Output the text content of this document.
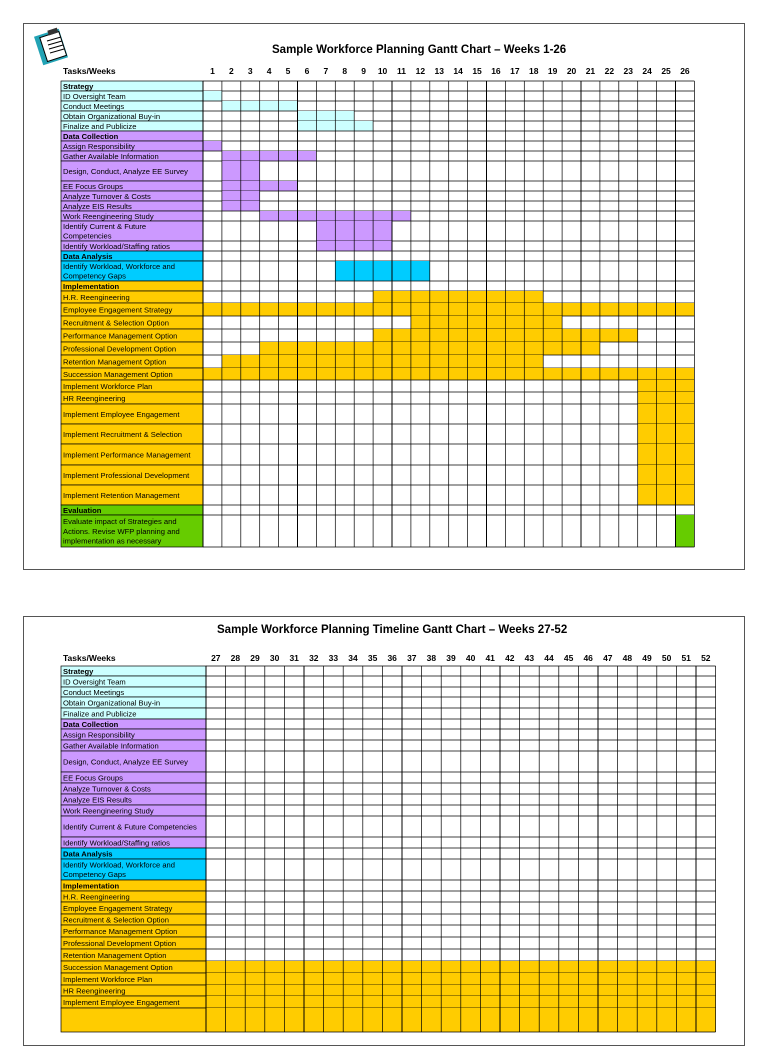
Sample Workforce Planning Gantt Chart – Weeks 1-26
Sample Workforce Planning Timeline Gantt Chart – Weeks 27-52
Tasks/Weeks	1 2 3 4 5 6 7 8 9 10 11 12 13 14 15 16 17 18 19 20 21 22 23 24 25 26
Strategy
ID Oversight Team
Conduct Meetings
Obtain Organizational Buy-in
Finalize and Publicize
Data Collection
Assign Responsibility
Gather Available Information
Design, Conduct, Analyze EE Survey
EE Focus Groups
Analyze Turnover & Costs
Analyze EIS Results
Work Reengineering Study
Identify Current & Future Competencies
Identify Workload/Staffing ratios
Data Analysis
Identify Workload, Workforce and Competency Gaps
Implementation
H.R. Reengineering
Employee Engagement Strategy
Recruitment & Selection Option
Performance Management Option
Professional Development Option
Retention Management Option
Succession Management Option
Implement Workforce Plan
HR Reengineering
Implement Employee Engagement
Implement Recruitment & Selection
Implement Performance Management
Implement Professional Development
Implement Retention Management
Evaluation
Evaluate impact of Strategies and Actions. Revise WFP planning and implementation as necessary
Tasks/Weeks	27 28 29 30 31 32 33 34 35 36 37 38 39 40 41 42 43 44 45 46 47 48 49 50 51 52
Strategy
ID Oversight Team
Conduct Meetings
Obtain Organizational Buy-in
Finalize and Publicize
Data Collection
Assign Responsibility
Gather Available Information
Design, Conduct, Analyze EE Survey
EE Focus Groups
Analyze Turnover & Costs
Analyze EIS Results
Work Reengineering Study
Identify Current & Future Competencies
Identify Workload/Staffing ratios
Data Analysis
Identify Workload, Workforce and Competency Gaps
Implementation
H.R. Reengineering
Employee Engagement Strategy
Recruitment & Selection Option
Performance Management Option
Professional Development Option
Retention Management Option
Succession Management Option
Implement Workforce Plan
HR Reengineering
Implement Employee Engagement
